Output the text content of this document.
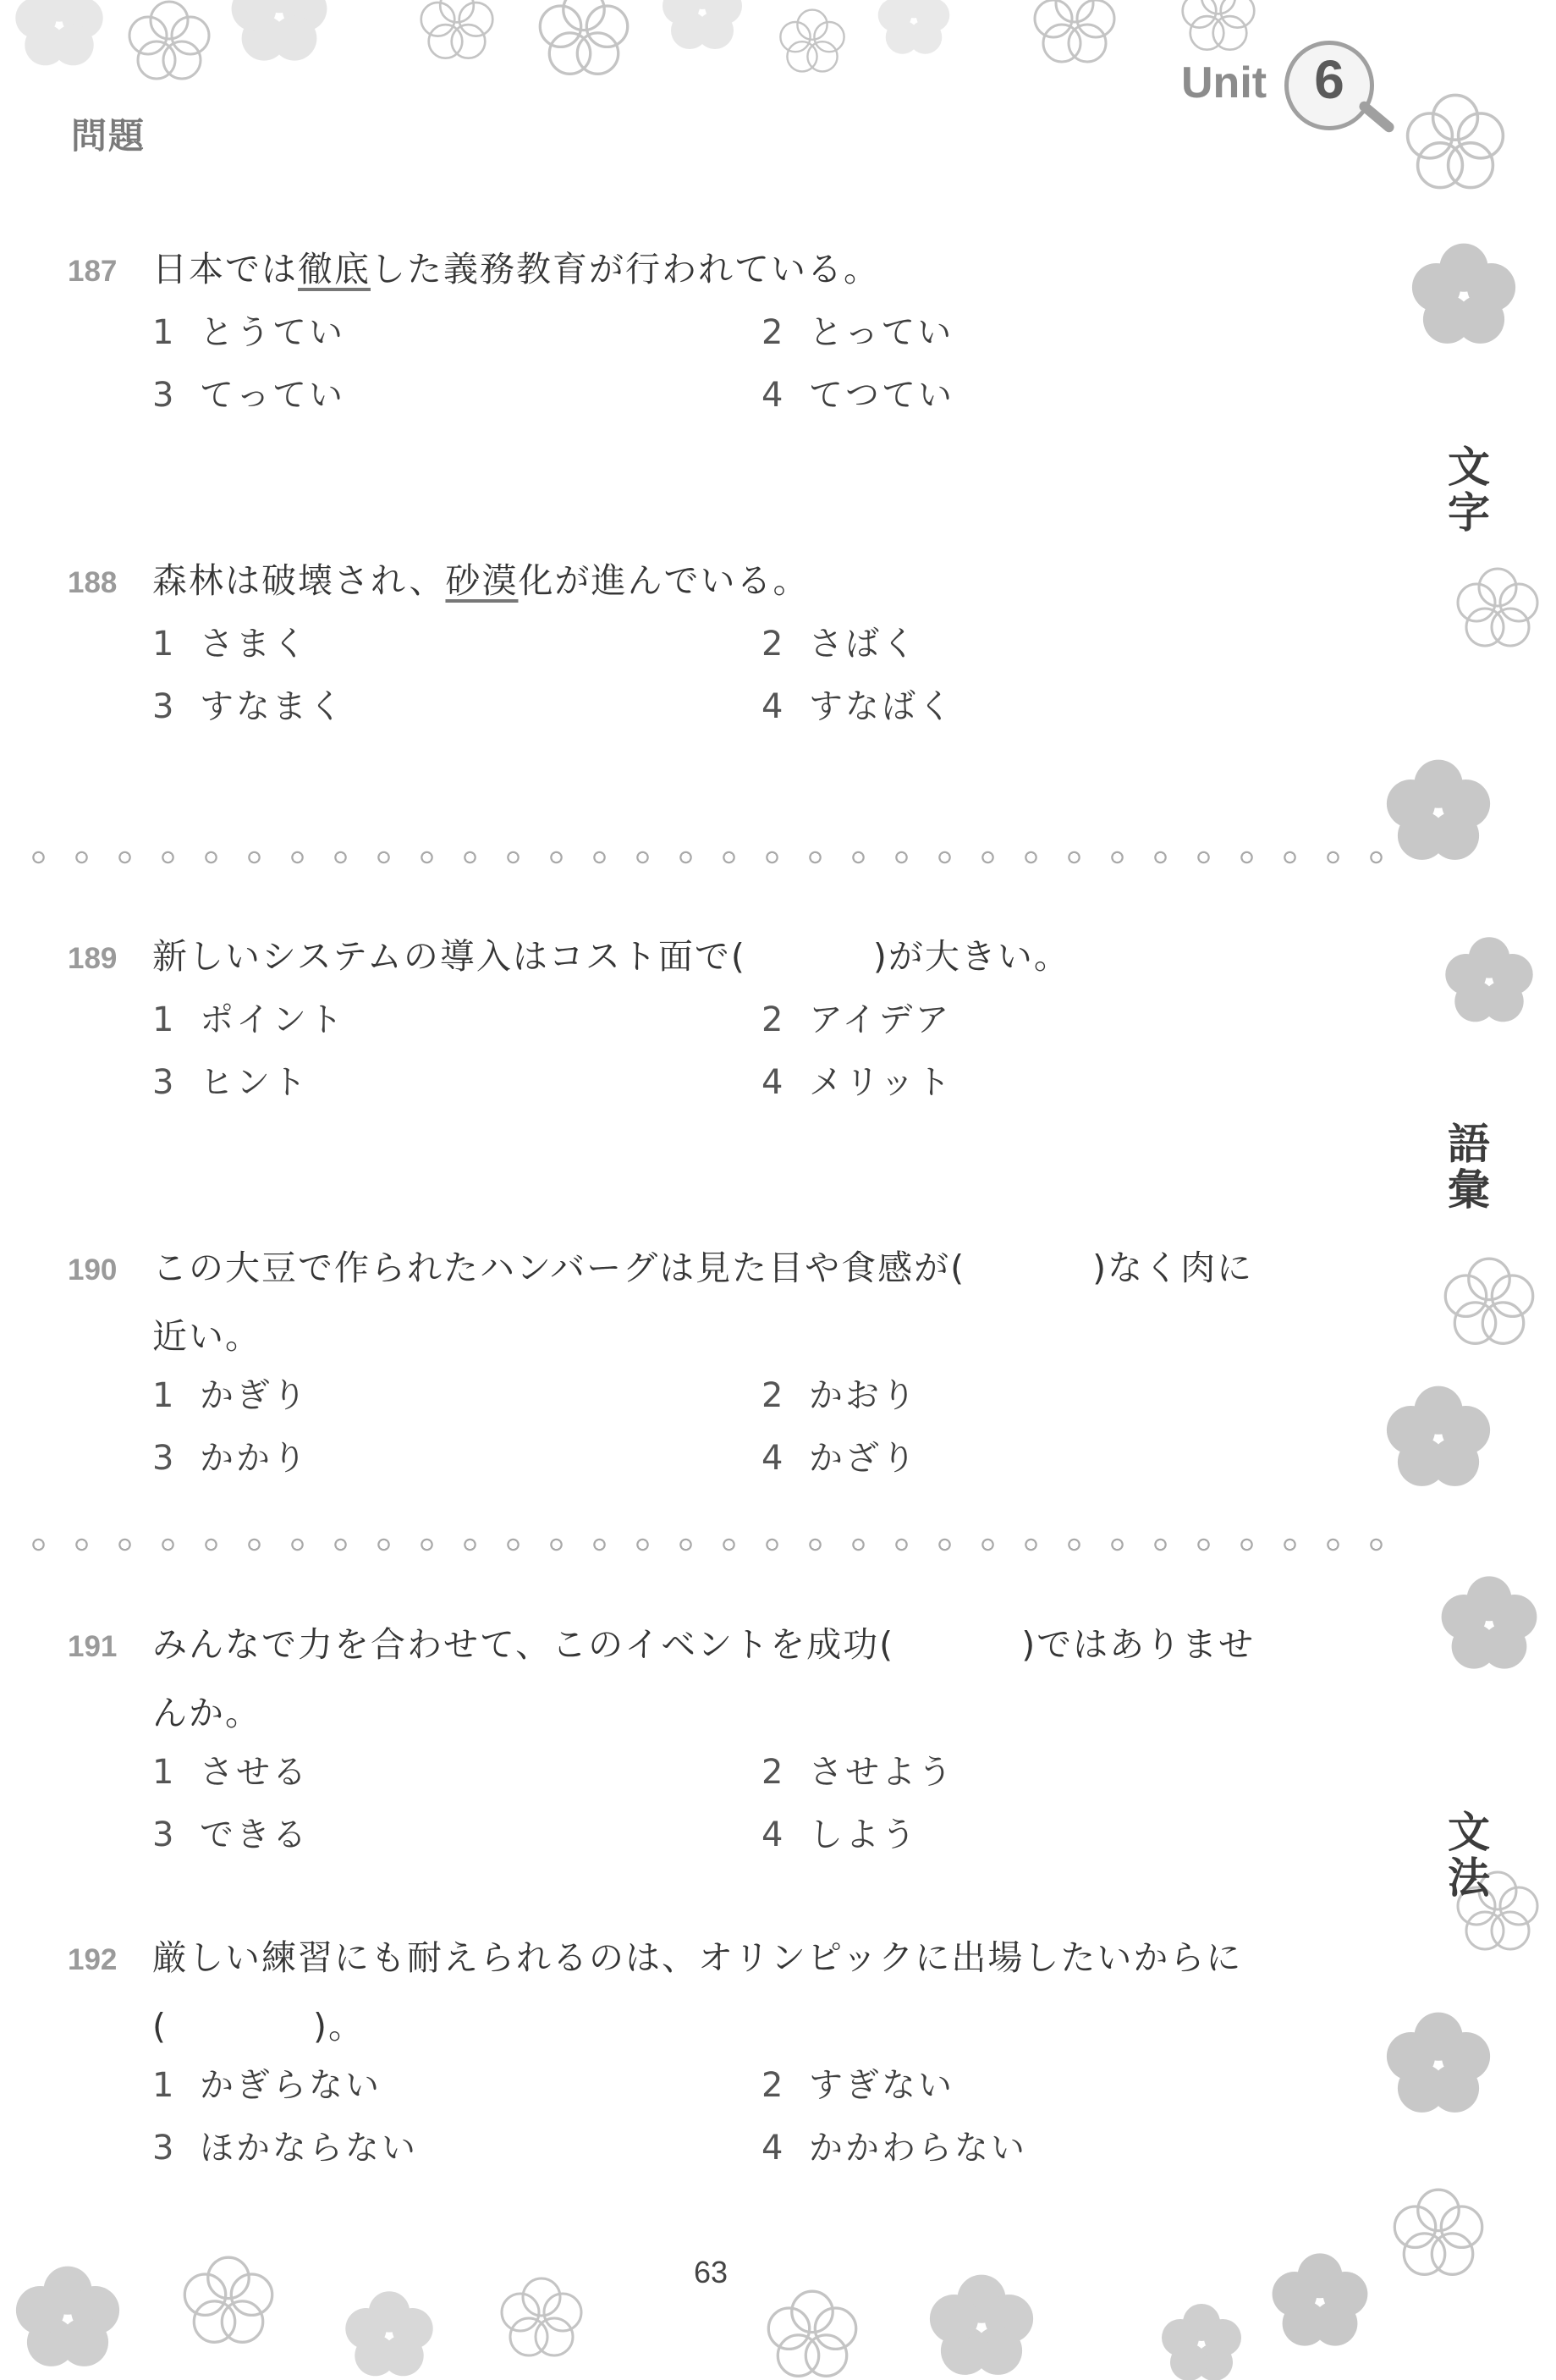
問題
Unit 6
文字
語彙
文法
187	日本では徹底した義務教育が行われている。
1 とうてい	2 とってい
3 てってい	4 てつてい
188	森林は破壊され、砂漠化が進んでいる。
1 さまく	2 さばく
3 すなまく	4 すなばく
189	新しいシステムの導入はコスト面で(	)が大きい。
1 ポイント	2 アイデア
3 ヒント	4 メリット
190	この大豆で作られたハンバーグは見た目や食感が(	)なく肉に
近い。
1 かぎり	2 かおり
3 かかり	4 かざり
191	みんなで力を合わせて、このイベントを成功(	)ではありませ
んか。
1 させる	2 させよう
3 できる	4 しよう
192	厳しい練習にも耐えられるのは、オリンピックに出場したいからに
(　　　　)。
1 かぎらない	2 すぎない
3 ほかならない	4 かかわらない
63
